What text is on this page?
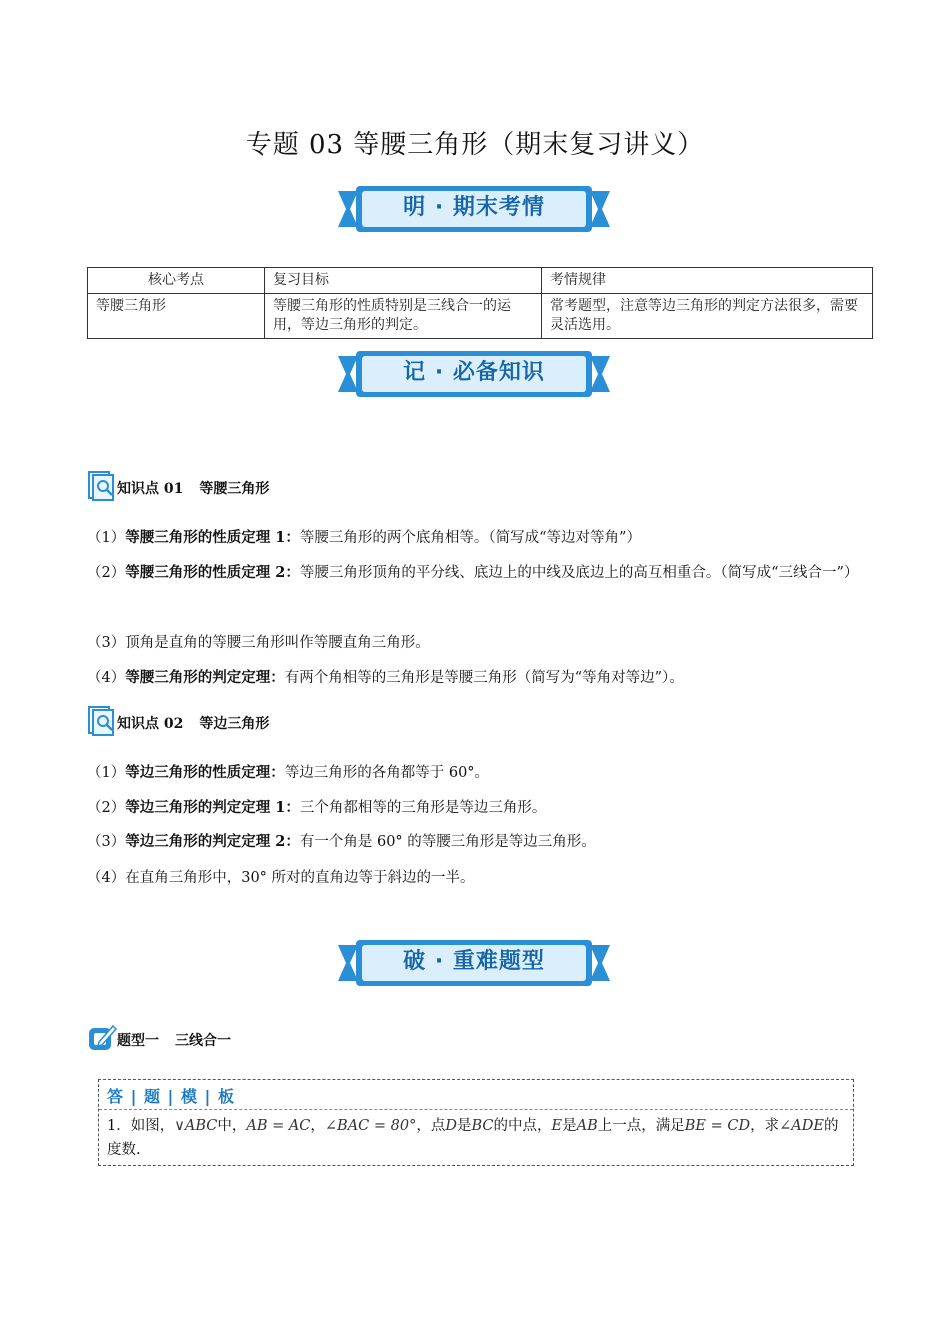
专题 03 等腰三角形（期末复习讲义）
明 · 期末考情
核心考点	复习目标	考情规律
等腰三角形	等腰三角形的性质特别是三线合一的运用，等边三角形的判定。	常考题型，注意等边三角形的判定方法很多，需要灵活选用。
记 · 必备知识
知识点 01 等腰三角形
（1）等腰三角形的性质定理 1：等腰三角形的两个底角相等。（简写成“等边对等角”）
（2）等腰三角形的性质定理 2：等腰三角形顶角的平分线、底边上的中线及底边上的高互相重合。（简写成“三线合一”）
（3）顶角是直角的等腰三角形叫作等腰直角三角形。
（4）等腰三角形的判定定理：有两个角相等的三角形是等腰三角形（简写为“等角对等边”）。
知识点 02 等边三角形
（1）等边三角形的性质定理：等边三角形的各角都等于 60°。
（2）等边三角形的判定定理 1：三个角都相等的三角形是等边三角形。
（3）等边三角形的判定定理 2：有一个角是 60° 的等腰三角形是等边三角形。
（4）在直角三角形中，30° 所对的直角边等于斜边的一半。
破 · 重难题型
题型一 三线合一
答 | 题 | 模 | 板
1．如图，∨ABC中，AB = AC，∠BAC = 80°，点D是BC的中点，E是AB上一点，满足BE = CD，求∠ADE的度数.
